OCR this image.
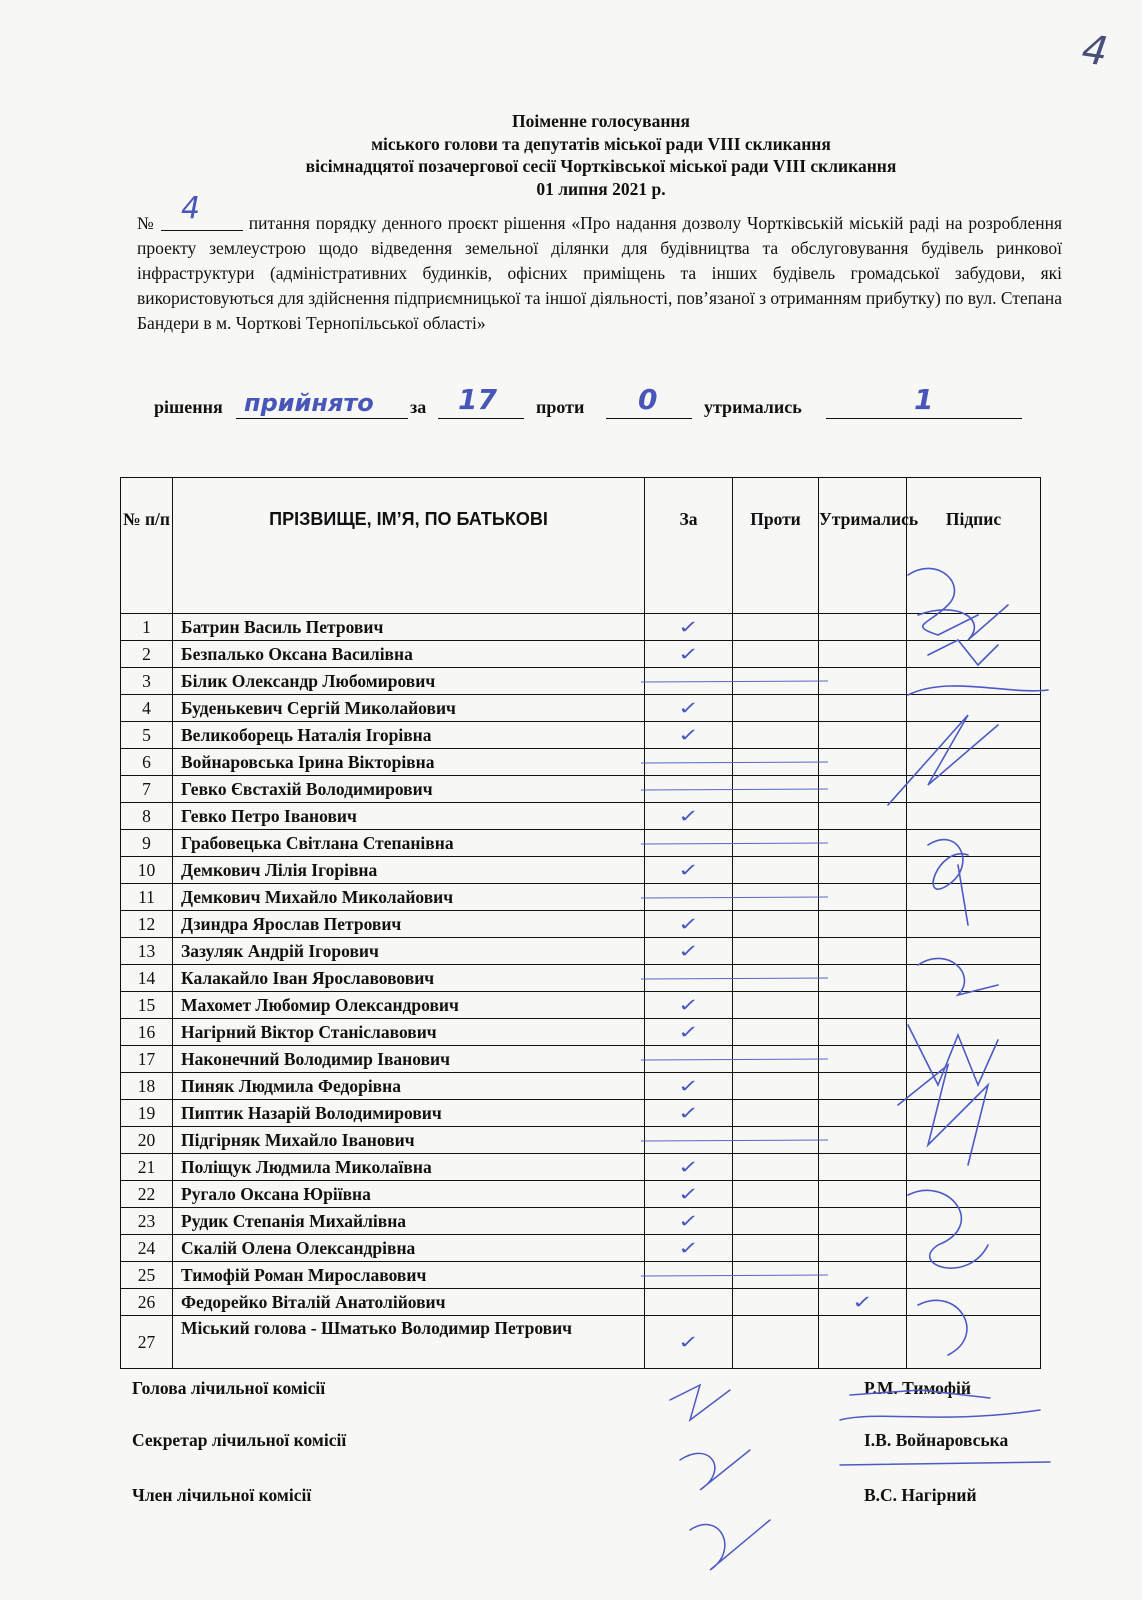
4
Поіменне голосування
міського голови та депутатів міської ради VIII скликання
вісімнадцятої позачергової сесії Чортківської міської ради VIII скликання
01 липня 2021 р.
№ 4	питання порядку денного проєкт рішення «Про надання дозволу Чортківській міській раді на розроблення проекту землеустрою щодо відведення земельної ділянки для будівництва та обслуговування будівель ринкової інфраструктури (адміністративних будинків, офісних приміщень та інших будівель громадської забудови, які використовуються для здійснення підприємницької та іншої діяльності, пов’язаної з отриманням прибутку) по вул. Степана Бандери в м. Чорткові Тернопільської області»
рішення прийнято за 17 проти 0	утримались	1
№ п/п	ПРІЗВИЩЕ, ІМ’Я, ПО БАТЬКОВІ	За	Проти	Утримались	Підпис
1	Батрин Василь Петрович	✓			
2	Безпалько Оксана Василівна	✓			
3	Білик Олександр Любомирович	

4	Буденькевич Сергій Миколайович	✓			
5	Великоборець Наталія Ігорівна	✓			
6	Войнаровська Ірина Вікторівна	

7	Гевко Євстахій Володимирович	

8	Гевко Петро Іванович	✓			
9	Грабовецька Світлана Степанівна	

10	Демкович Лілія Ігорівна	✓			
11	Демкович Михайло Миколайович	

12	Дзиндра Ярослав Петрович	✓			
13	Зазуляк Андрій Ігорович	✓			
14	Калакайло Іван Ярославовович	

15	Махомет Любомир Олександрович	✓			
16	Нагірний Віктор Станіславович	✓			
17	Наконечний Володимир Іванович	

18	Пиняк Людмила Федорівна	✓			
19	Пиптик Назарій Володимирович	✓			
20	Підгірняк Михайло Іванович	

21	Поліщук Людмила Миколаївна	✓			
22	Ругало Оксана Юріївна	✓			
23	Рудик Степанія Михайлівна	✓			
24	Скалій Олена Олександрівна	✓			
25	Тимофій Роман Мирославович	

26	Федорейко Віталій Анатолійович			✓	
27	Міський голова - Шматько Володимир Петрович	✓			
Голова лічильної комісії	Р.М. Тимофій
Секретар лічильної комісії	І.В. Войнаровська
Член лічильної комісії	В.С. Нагірний
